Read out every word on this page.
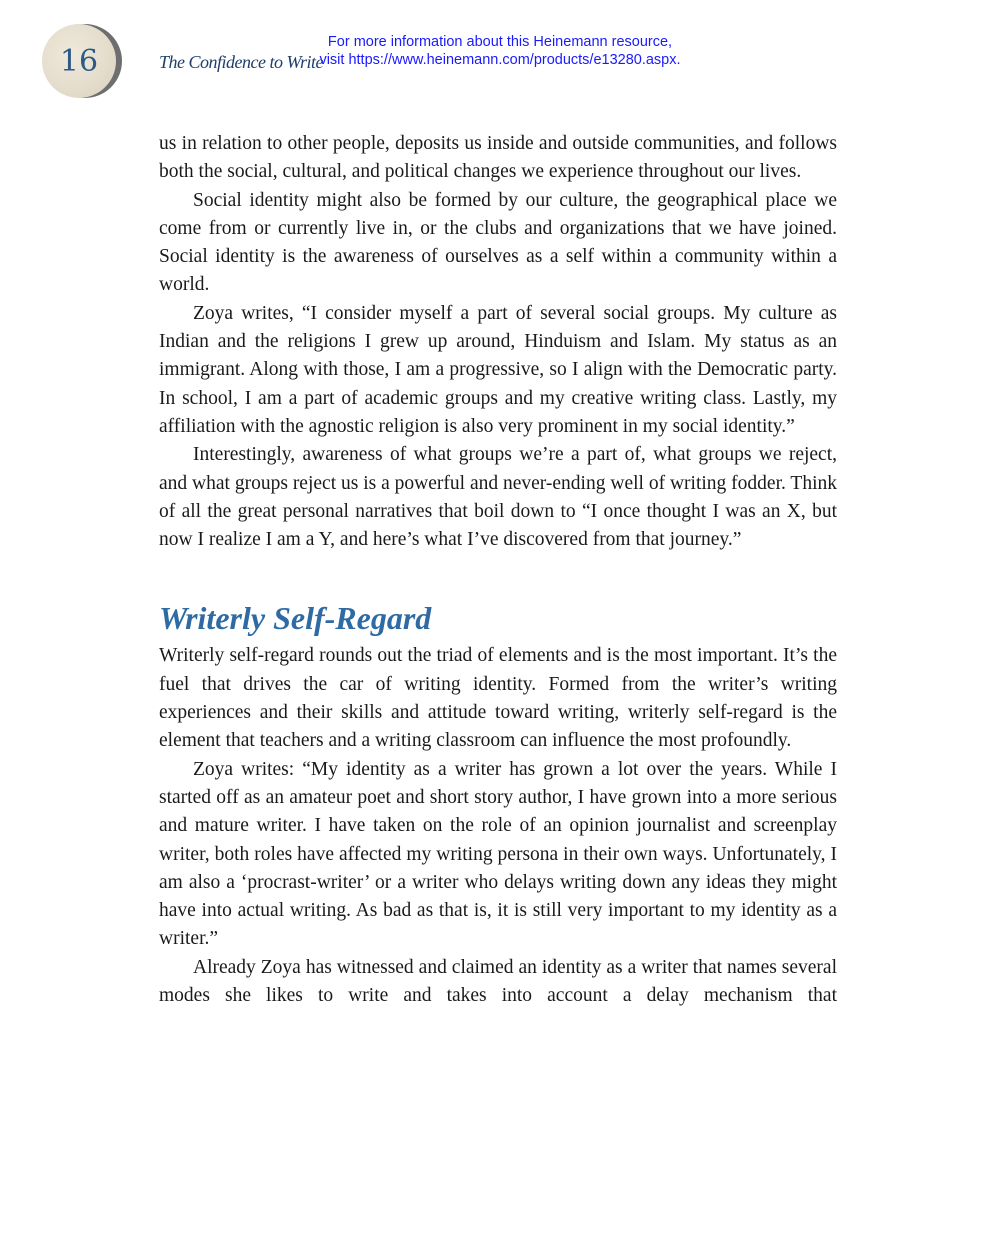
16	The Confidence to Write
For more information about this Heinemann resource,
visit https://www.heinemann.com/products/e13280.aspx.

us in relation to other people, deposits us inside and outside communities, and follows both the social, cultural, and political changes we experience throughout our lives.

Social identity might also be formed by our culture, the geographical place we come from or currently live in, or the clubs and organizations that we have joined. Social identity is the awareness of ourselves as a self within a community within a world.

Zoya writes, “I consider myself a part of several social groups. My culture as Indian and the religions I grew up around, Hinduism and Islam. My status as an immigrant. Along with those, I am a progressive, so I align with the Democratic party. In school, I am a part of academic groups and my creative writing class. Lastly, my affiliation with the agnostic religion is also very prominent in my social identity.”

Interestingly, awareness of what groups we’re a part of, what groups we reject, and what groups reject us is a powerful and never-ending well of writing fodder. Think of all the great personal narratives that boil down to “I once thought I was an X, but now I realize I am a Y, and here’s what I’ve discovered from that journey.”

Writerly Self-Regard

Writerly self-regard rounds out the triad of elements and is the most important. It’s the fuel that drives the car of writing identity. Formed from the writer’s writing experiences and their skills and attitude toward writing, writerly self-regard is the element that teachers and a writing classroom can influence the most profoundly.

Zoya writes: “My identity as a writer has grown a lot over the years. While I started off as an amateur poet and short story author, I have grown into a more serious and mature writer. I have taken on the role of an opinion journalist and screenplay writer, both roles have affected my writing persona in their own ways. Unfortunately, I am also a ‘procrast-writer’ or a writer who delays writing down any ideas they might have into actual writing. As bad as that is, it is still very important to my identity as a writer.”

Already Zoya has witnessed and claimed an identity as a writer that names several modes she likes to write and takes into account a delay mechanism that
